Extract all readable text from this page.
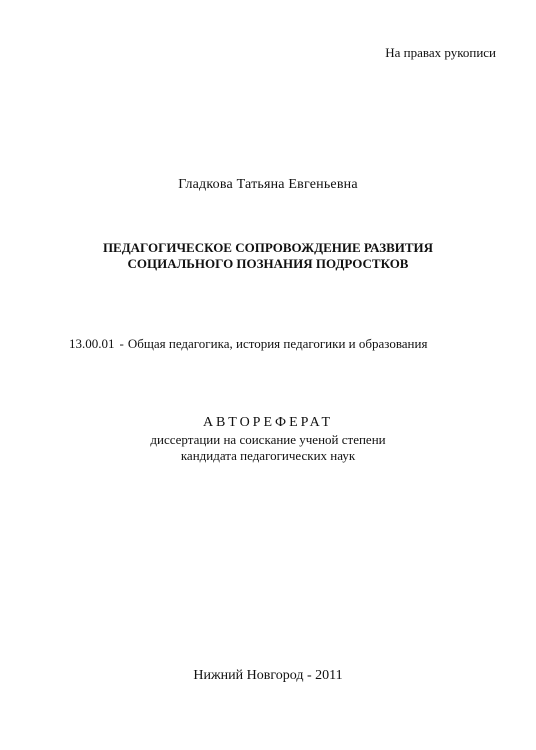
На правах рукописи
Гладкова Татьяна Евгеньевна
ПЕДАГОГИЧЕСКОЕ СОПРОВОЖДЕНИЕ РАЗВИТИЯ
СОЦИАЛЬНОГО ПОЗНАНИЯ ПОДРОСТКОВ
13.00.01 - Общая педагогика, история педагогики и образования
АВТОРЕФЕРАТ
диссертации на соискание ученой степени
кандидата педагогических наук
Нижний Новгород - 2011
